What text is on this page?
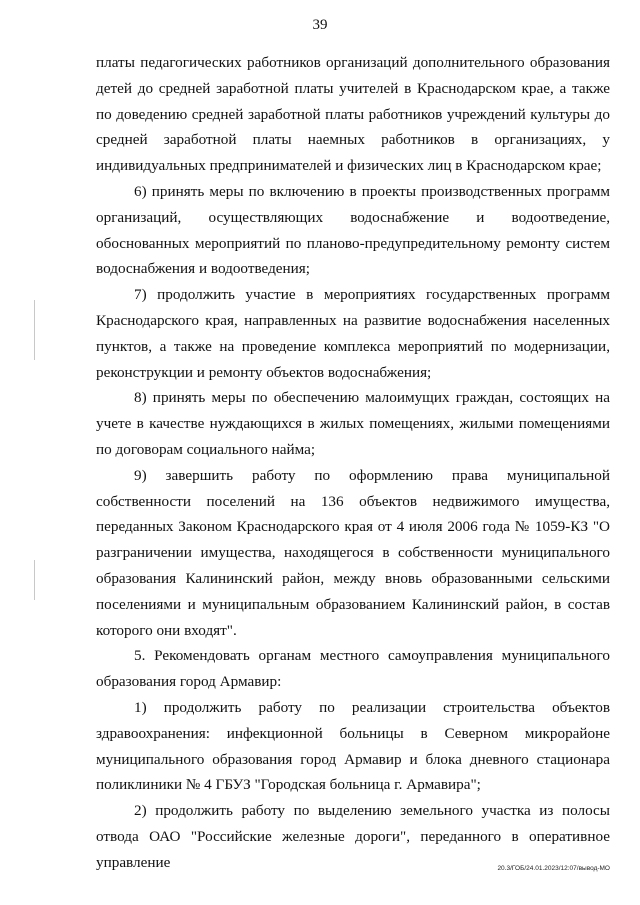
39

платы педагогических работников организаций дополнительного образования детей до средней заработной платы учителей в Краснодарском крае, а также по доведению средней заработной платы работников учреждений культуры до средней заработной платы наемных работников в организациях, у индивидуальных предпринимателей и физических лиц в Краснодарском крае;

6) принять меры по включению в проекты производственных программ организаций, осуществляющих водоснабжение и водоотведение, обоснованных мероприятий по планово-предупредительному ремонту систем водоснабжения и водоотведения;

7) продолжить участие в мероприятиях государственных программ Краснодарского края, направленных на развитие водоснабжения населенных пунктов, а также на проведение комплекса мероприятий по модернизации, реконструкции и ремонту объектов водоснабжения;

8) принять меры по обеспечению малоимущих граждан, состоящих на учете в качестве нуждающихся в жилых помещениях, жилыми помещениями по договорам социального найма;

9) завершить работу по оформлению права муниципальной собственности поселений на 136 объектов недвижимого имущества, переданных Законом Краснодарского края от 4 июля 2006 года № 1059-КЗ "О разграничении имущества, находящегося в собственности муниципального образования Калининский район, между вновь образованными сельскими поселениями и муниципальным образованием Калининский район, в состав которого они входят".

5. Рекомендовать органам местного самоуправления муниципального образования город Армавир:

1) продолжить работу по реализации строительства объектов здравоохранения: инфекционной больницы в Северном микрорайоне муниципального образования город Армавир и блока дневного стационара поликлиники № 4 ГБУЗ "Городская больница г. Армавира";

2) продолжить работу по выделению земельного участка из полосы отвода ОАО "Российские железные дороги", переданного в оперативное управление	20.3/ГОБ/24.01.2023/12:07/вывод-МО
